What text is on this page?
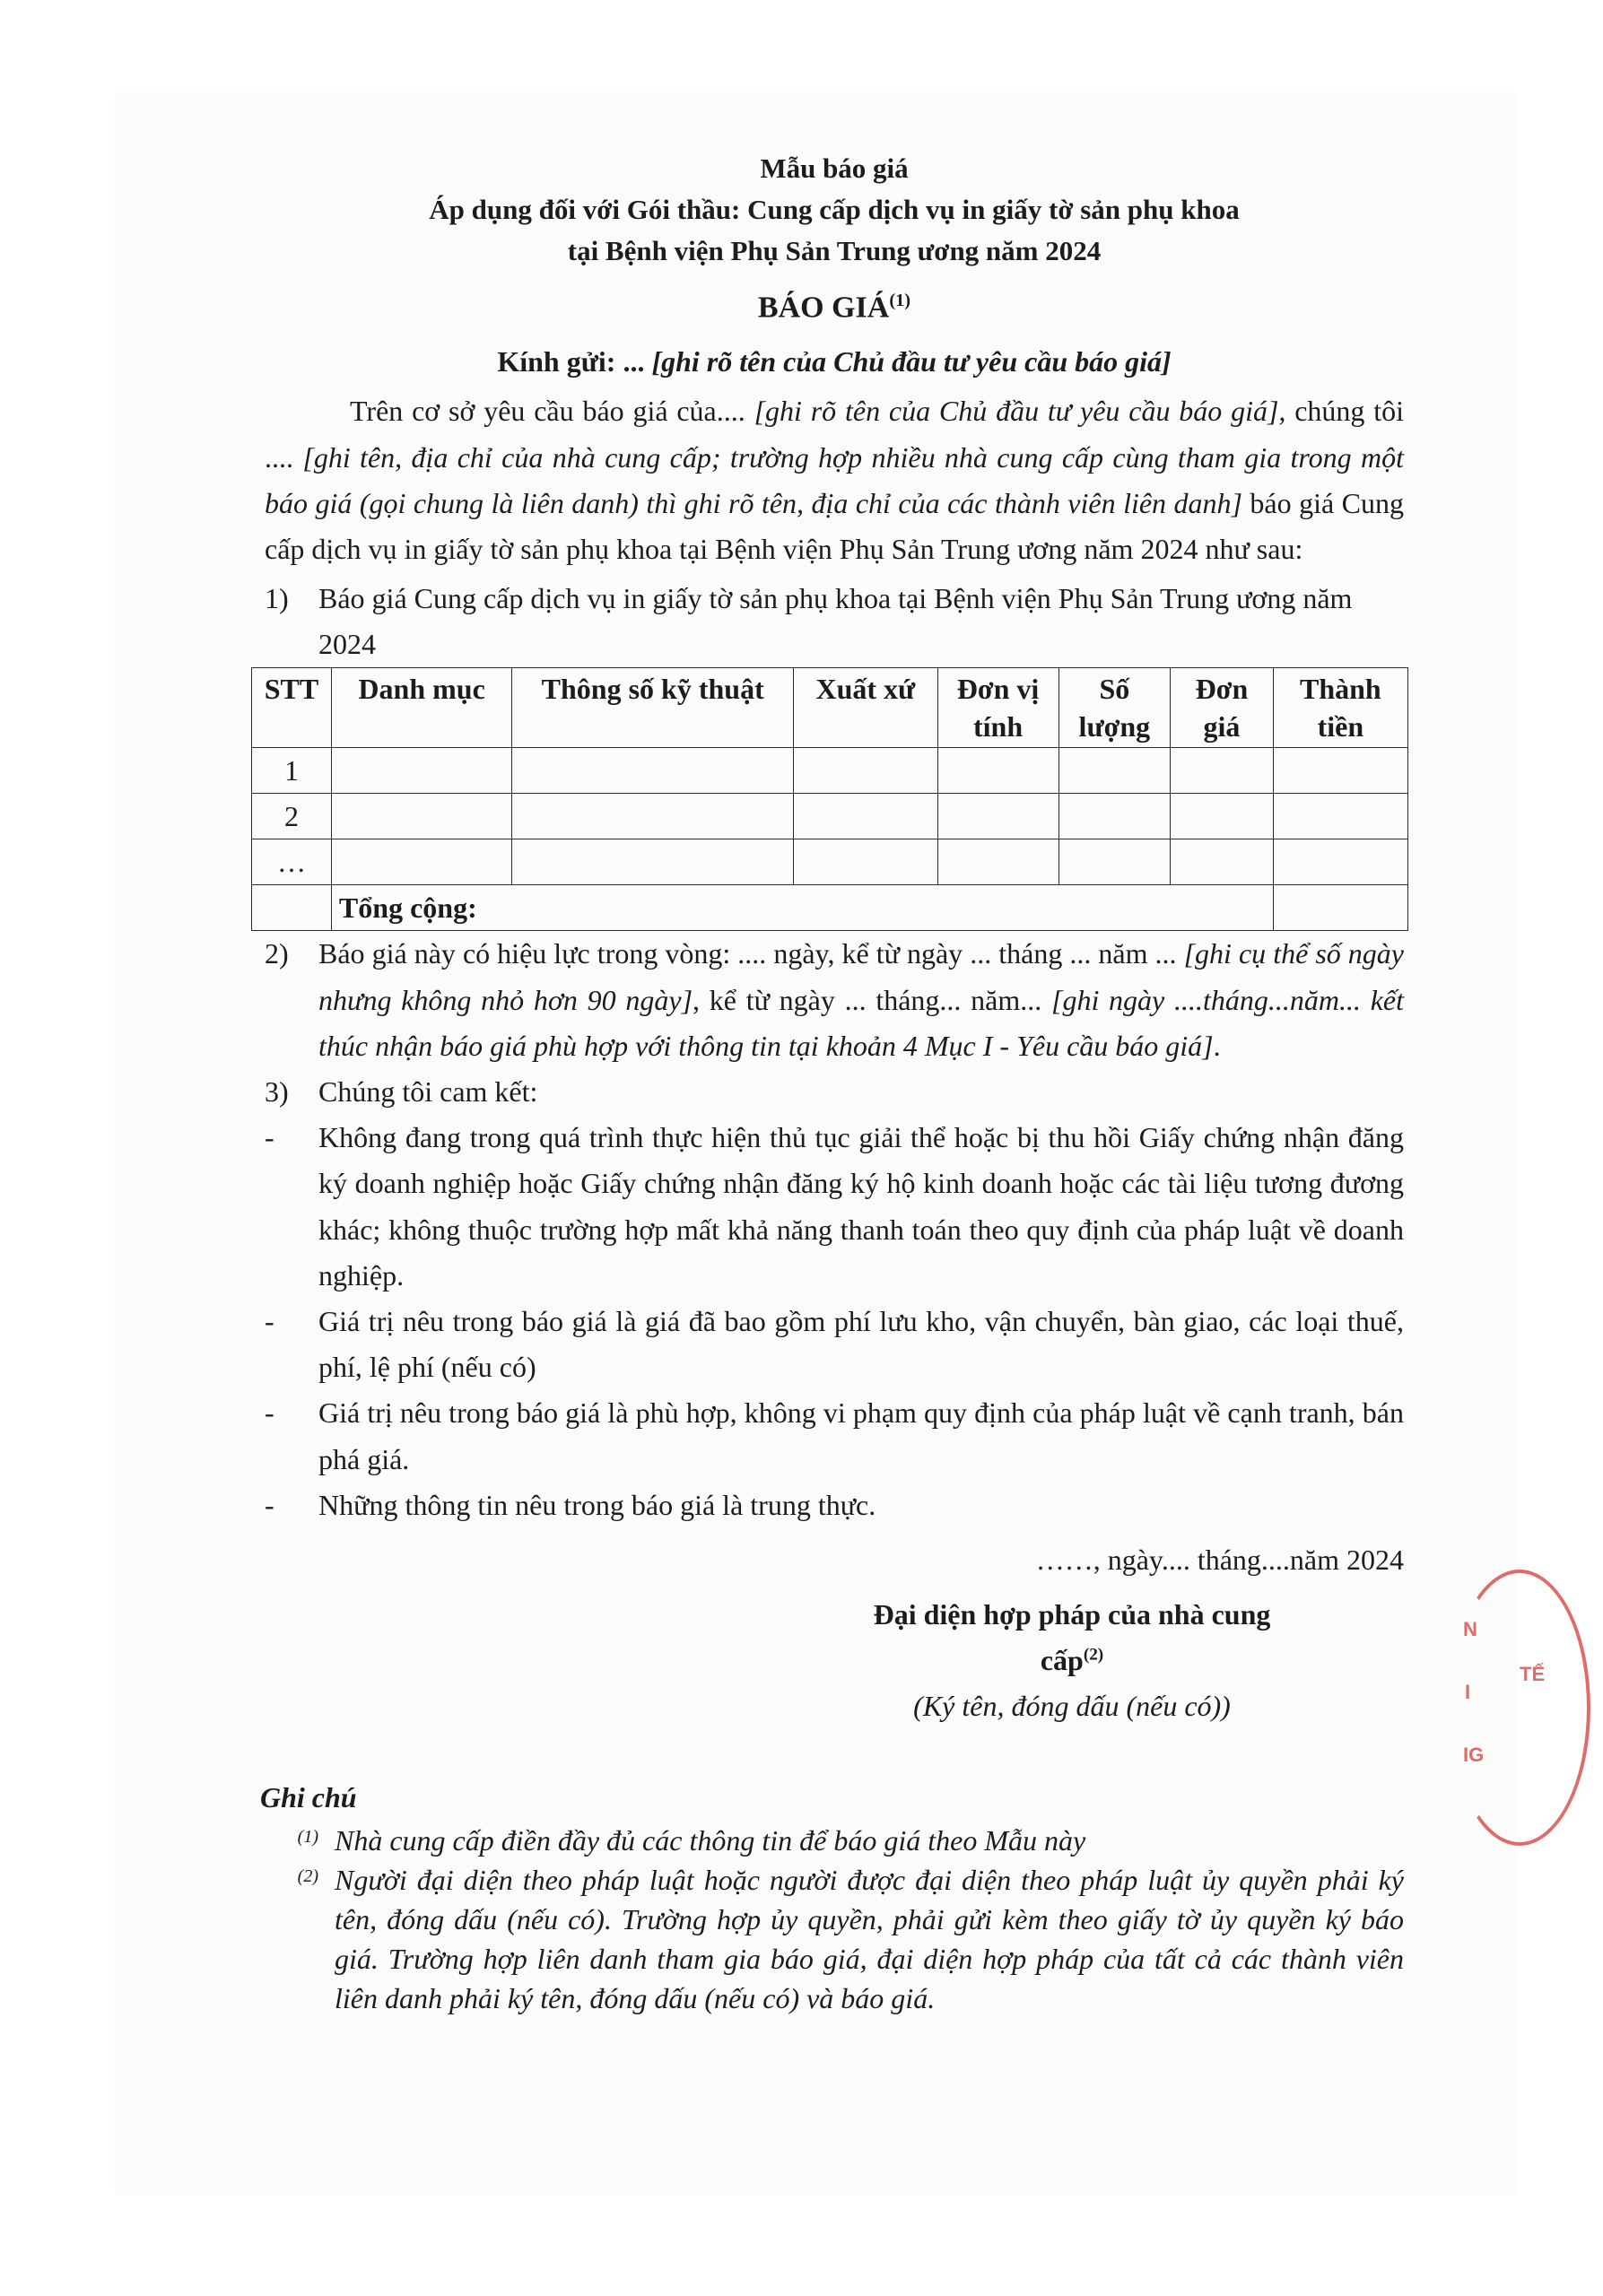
Mẫu báo giá

Áp dụng đối với Gói thầu: Cung cấp dịch vụ in giấy tờ sản phụ khoa

tại Bệnh viện Phụ Sản Trung ương năm 2024

BÁO GIÁ$^{(1)}$

Kính gửi: ... [ghi rõ tên của Chủ đầu tư yêu cầu báo giá]

Trên cơ sở yêu cầu báo giá của.... [ghi rõ tên của Chủ đầu tư yêu cầu báo giá], chúng tôi .... [ghi tên, địa chỉ của nhà cung cấp; trường hợp nhiều nhà cung cấp cùng tham gia trong một báo giá (gọi chung là liên danh) thì ghi rõ tên, địa chỉ của các thành viên liên danh] báo giá Cung cấp dịch vụ in giấy tờ sản phụ khoa tại Bệnh viện Phụ Sản Trung ương năm 2024 như sau:

1)	Báo giá Cung cấp dịch vụ in giấy tờ sản phụ khoa tại Bệnh viện Phụ Sản Trung ương năm 2024
STT	Danh mục	Thông số kỹ thuật	Xuất xứ	Đơn vị tính	Số lượng	Đơn giá	Thành tiền
1							
2							
…							
	Tổng cộng:						
2)	Báo giá này có hiệu lực trong vòng: .... ngày, kể từ ngày ... tháng ... năm ... [ghi cụ thể số ngày nhưng không nhỏ hơn 90 ngày], kể từ ngày ... tháng... năm... [ghi ngày ....tháng...năm... kết thúc nhận báo giá phù hợp với thông tin tại khoản 4 Mục I - Yêu cầu báo giá].
3)	Chúng tôi cam kết:
-	Không đang trong quá trình thực hiện thủ tục giải thể hoặc bị thu hồi Giấy chứng nhận đăng ký doanh nghiệp hoặc Giấy chứng nhận đăng ký hộ kinh doanh hoặc các tài liệu tương đương khác; không thuộc trường hợp mất khả năng thanh toán theo quy định của pháp luật về doanh nghiệp.
-	Giá trị nêu trong báo giá là giá đã bao gồm phí lưu kho, vận chuyển, bàn giao, các loại thuế, phí, lệ phí (nếu có)
-	Giá trị nêu trong báo giá là phù hợp, không vi phạm quy định của pháp luật về cạnh tranh, bán phá giá.
-	Những thông tin nêu trong báo giá là trung thực.

……, ngày.... tháng....năm 2024

Đại diện hợp pháp của nhà cung cấp$^{(2)}$

(Ký tên, đóng dấu (nếu có))

Ghi chú

(1) Nhà cung cấp điền đầy đủ các thông tin để báo giá theo Mẫu này
(2) Người đại diện theo pháp luật hoặc người được đại diện theo pháp luật ủy quyền phải ký tên, đóng dấu (nếu có). Trường hợp ủy quyền, phải gửi kèm theo giấy tờ ủy quyền ký báo giá. Trường hợp liên danh tham gia báo giá, đại diện hợp pháp của tất cả các thành viên liên danh phải ký tên, đóng dấu (nếu có) và báo giá.
N
I
TẾ
IG
